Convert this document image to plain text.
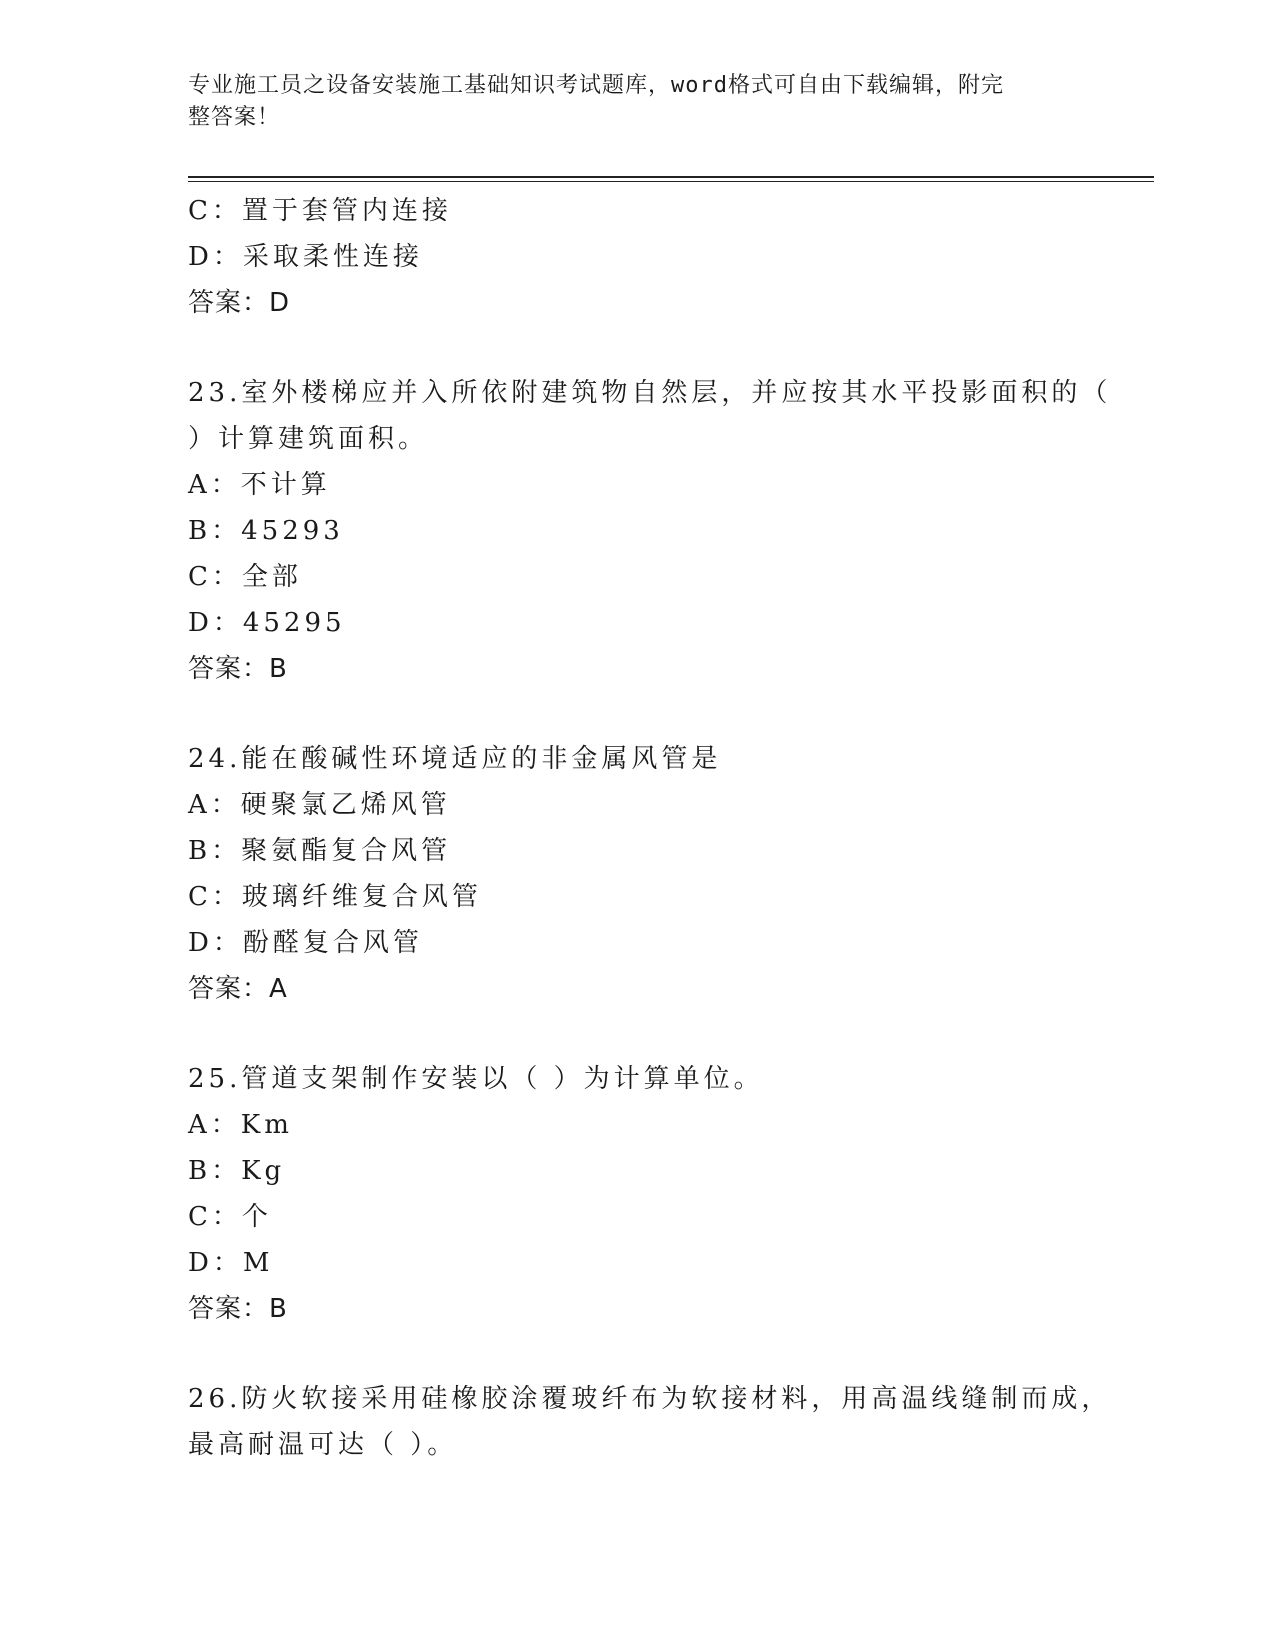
专业施工员之设备安装施工基础知识考试题库，word格式可自由下载编辑，附完
整答案！
C：置于套管内连接
D：采取柔性连接
答案：D
23.室外楼梯应并入所依附建筑物自然层，并应按其水平投影面积的（
）计算建筑面积。
A：不计算
B：45293
C：全部
D：45295
答案：B
24.能在酸碱性环境适应的非金属风管是
A：硬聚氯乙烯风管
B：聚氨酯复合风管
C：玻璃纤维复合风管
D：酚醛复合风管
答案：A
25.管道支架制作安装以（ ）为计算单位。
A：Km
B：Kg
C：个
D：M
答案：B
26.防火软接采用硅橡胶涂覆玻纤布为软接材料，用高温线缝制而成，
最高耐温可达（ ）。
